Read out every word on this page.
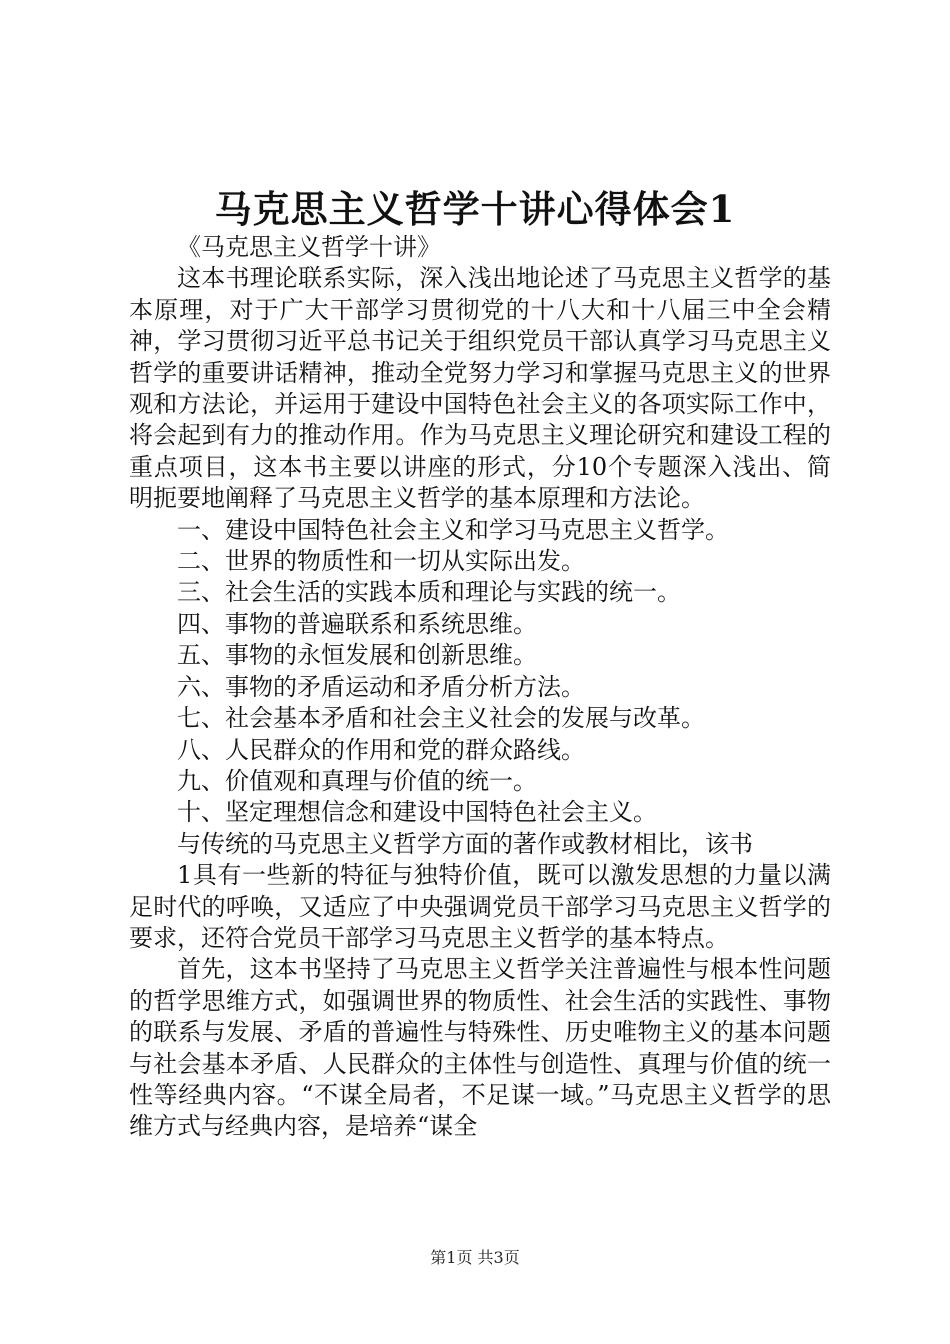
马克思主义哲学十讲心得体会1

《马克思主义哲学十讲》

这本书理论联系实际，深入浅出地论述了马克思主义哲学的基本原理，对于广大干部学习贯彻党的十八大和十八届三中全会精神，学习贯彻习近平总书记关于组织党员干部认真学习马克思主义哲学的重要讲话精神，推动全党努力学习和掌握马克思主义的世界观和方法论，并运用于建设中国特色社会主义的各项实际工作中，将会起到有力的推动作用。作为马克思主义理论研究和建设工程的重点项目，这本书主要以讲座的形式，分10个专题深入浅出、简明扼要地阐释了马克思主义哲学的基本原理和方法论。

一、建设中国特色社会主义和学习马克思主义哲学。

二、世界的物质性和一切从实际出发。

三、社会生活的实践本质和理论与实践的统一。

四、事物的普遍联系和系统思维。

五、事物的永恒发展和创新思维。

六、事物的矛盾运动和矛盾分析方法。

七、社会基本矛盾和社会主义社会的发展与改革。

八、人民群众的作用和党的群众路线。

九、价值观和真理与价值的统一。

十、坚定理想信念和建设中国特色社会主义。

与传统的马克思主义哲学方面的著作或教材相比，该书

1具有一些新的特征与独特价值，既可以激发思想的力量以满足时代的呼唤，又适应了中央强调党员干部学习马克思主义哲学的要求，还符合党员干部学习马克思主义哲学的基本特点。

首先，这本书坚持了马克思主义哲学关注普遍性与根本性问题的哲学思维方式，如强调世界的物质性、社会生活的实践性、事物的联系与发展、矛盾的普遍性与特殊性、历史唯物主义的基本问题与社会基本矛盾、人民群众的主体性与创造性、真理与价值的统一性等经典内容。“不谋全局者，不足谋一域。”马克思主义哲学的思维方式与经典内容，是培养“谋全

第1页 共3页
